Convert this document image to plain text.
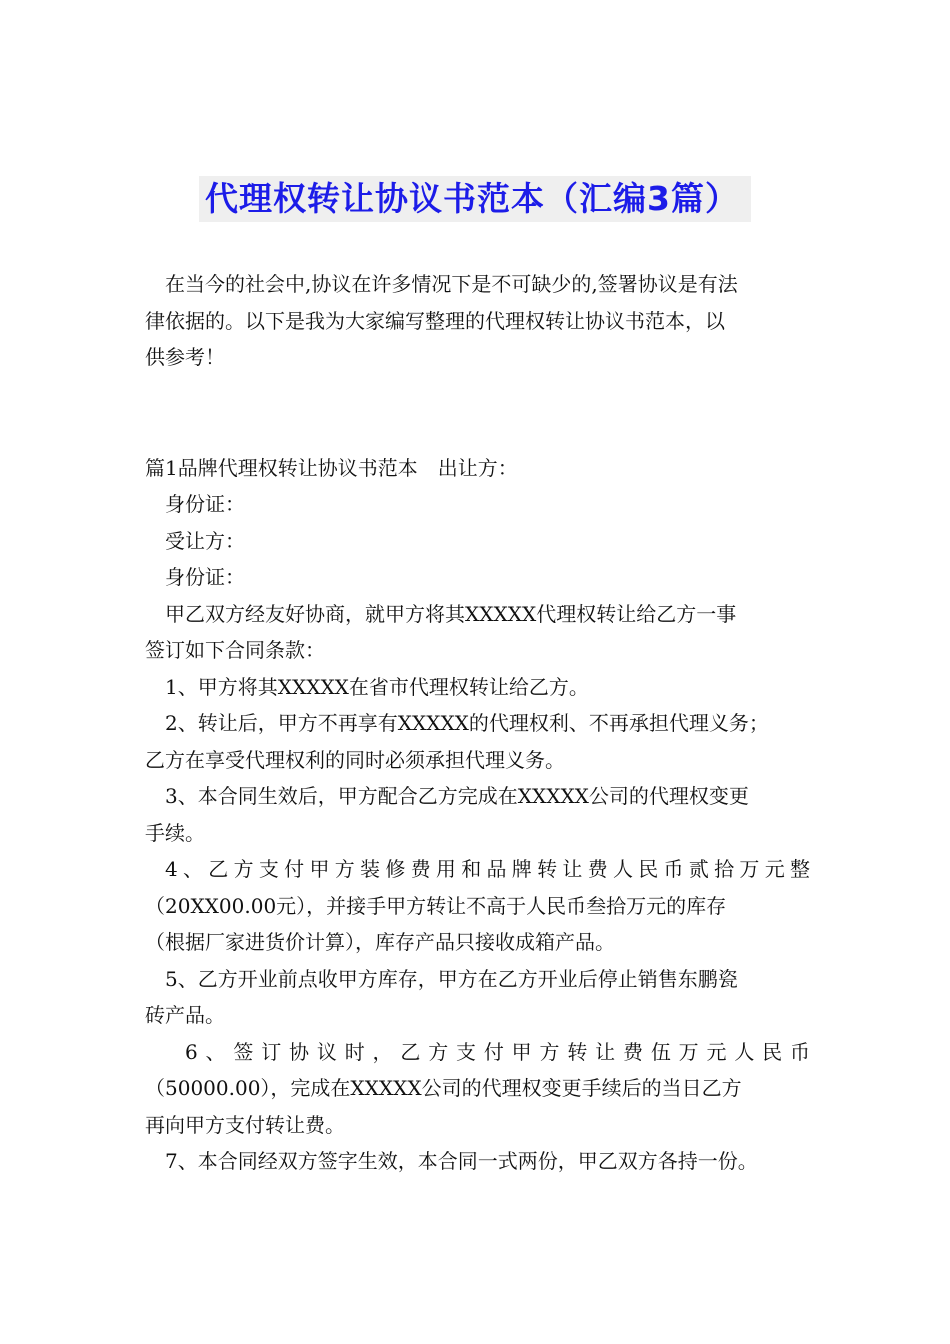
代理权转让协议书范本（汇编3篇）

在当今的社会中,协议在许多情况下是不可缺少的,签署协议是有法

律依据的。以下是我为大家编写整理的代理权转让协议书范本，以

供参考！

篇1品牌代理权转让协议书范本　出让方：

身份证：

受让方：

身份证：

甲乙双方经友好协商，就甲方将其XXXXX代理权转让给乙方一事

签订如下合同条款：

1、甲方将其XXXXX在省市代理权转让给乙方。

2、转让后，甲方不再享有XXXXX的代理权利、不再承担代理义务；

乙方在享受代理权利的同时必须承担代理义务。

3、本合同生效后，甲方配合乙方完成在XXXXX公司的代理权变更

手续。

4、乙方支付甲方装修费用和品牌转让费人民币贰拾万元整

（20XX00.00元），并接手甲方转让不高于人民币叁拾万元的库存

（根据厂家进货价计算），库存产品只接收成箱产品。

5、乙方开业前点收甲方库存，甲方在乙方开业后停止销售东鹏瓷

砖产品。

6、签订协议时，乙方支付甲方转让费伍万元人民币

（50000.00），完成在XXXXX公司的代理权变更手续后的当日乙方

再向甲方支付转让费。

7、本合同经双方签字生效，本合同一式两份，甲乙双方各持一份。
